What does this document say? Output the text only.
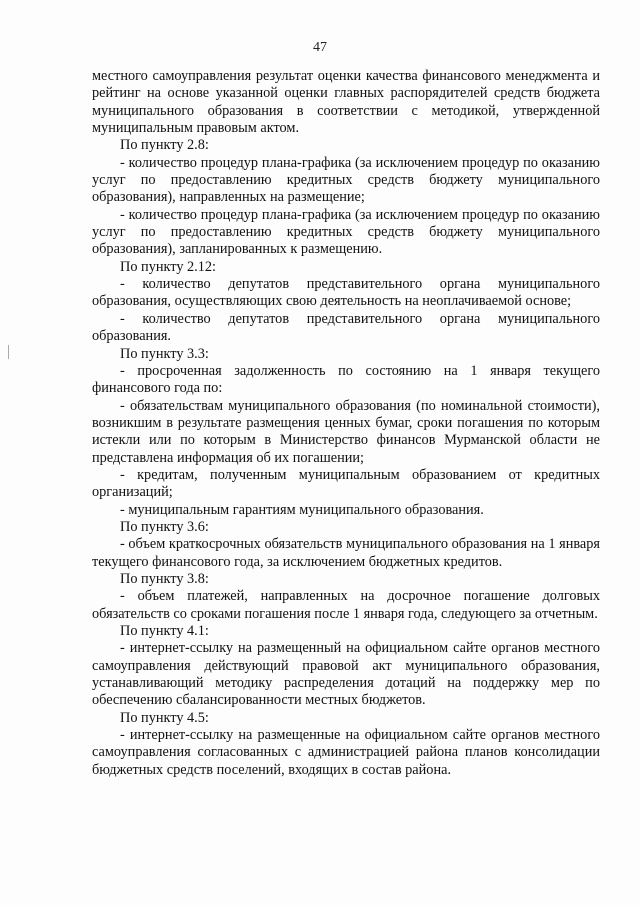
47

местного самоуправления результат оценки качества финансового менеджмента и рейтинг на основе указанной оценки главных распорядителей средств бюджета муниципального образования в соответствии с методикой, утвержденной муниципальным правовым актом.

По пункту 2.8:

- количество процедур плана-графика (за исключением процедур по оказанию услуг по предоставлению кредитных средств бюджету муниципального образования), направленных на размещение;

- количество процедур плана-графика (за исключением процедур по оказанию услуг по предоставлению кредитных средств бюджету муниципального образования), запланированных к размещению.

По пункту 2.12:

- количество депутатов представительного органа муниципального образования, осуществляющих свою деятельность на неоплачиваемой основе;

- количество депутатов представительного органа муниципального образования.

По пункту 3.3:

- просроченная задолженность по состоянию на 1 января текущего финансового года по:

- обязательствам муниципального образования (по номинальной стоимости), возникшим в результате размещения ценных бумаг, сроки погашения по которым истекли или по которым в Министерство финансов Мурманской области не представлена информация об их погашении;

- кредитам, полученным муниципальным образованием от кредитных организаций;

- муниципальным гарантиям муниципального образования.

По пункту 3.6:

- объем краткосрочных обязательств муниципального образования на 1 января текущего финансового года, за исключением бюджетных кредитов.

По пункту 3.8:

- объем платежей, направленных на досрочное погашение долговых обязательств со сроками погашения после 1 января года, следующего за отчетным.

По пункту 4.1:

- интернет-ссылку на размещенный на официальном сайте органов местного самоуправления действующий правовой акт муниципального образования, устанавливающий методику распределения дотаций на поддержку мер по обеспечению сбалансированности местных бюджетов.

По пункту 4.5:

- интернет-ссылку на размещенные на официальном сайте органов местного самоуправления согласованных с администрацией района планов консолидации бюджетных средств поселений, входящих в состав района.
